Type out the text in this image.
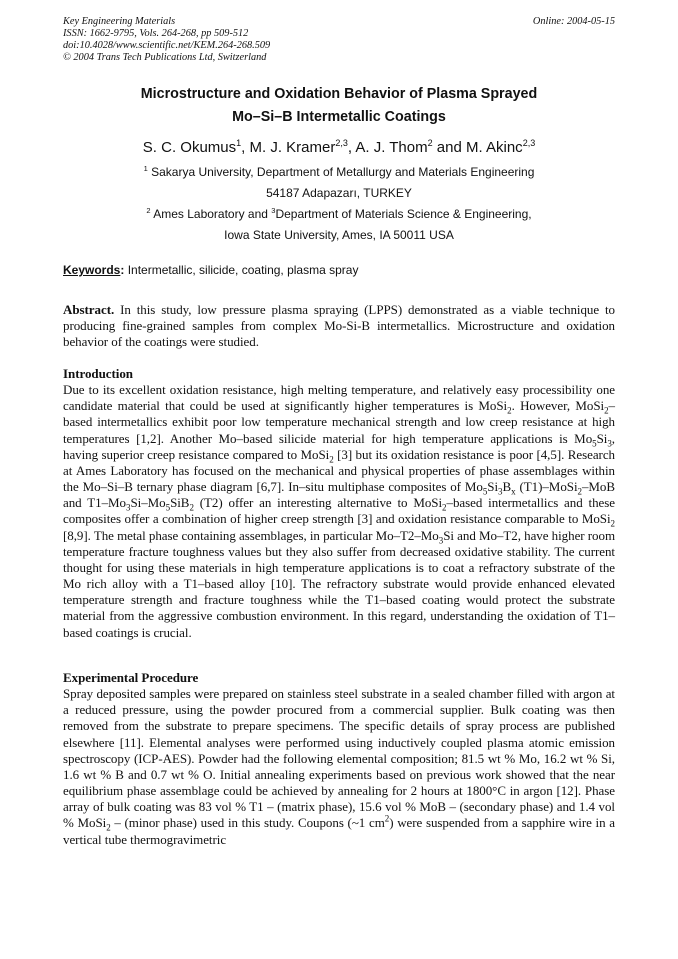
Key Engineering Materials
ISSN: 1662-9795, Vols. 264-268, pp 509-512
doi:10.4028/www.scientific.net/KEM.264-268.509
© 2004 Trans Tech Publications Ltd, Switzerland
Online: 2004-05-15
Microstructure and Oxidation Behavior of Plasma Sprayed
Mo–Si–B Intermetallic Coatings
S. C. Okumus$^1$, M. J. Kramer$^{2,3}$, A. J. Thom$^2$ and M. Akinc$^{2,3}$
$^1$ Sakarya University, Department of Metallurgy and Materials Engineering
54187 Adapazarı, TURKEY
$^2$ Ames Laboratory and $^3$Department of Materials Science & Engineering,
Iowa State University, Ames, IA 50011 USA
Keywords: Intermetallic, silicide, coating, plasma spray
Abstract. In this study, low pressure plasma spraying (LPPS) demonstrated as a viable technique to producing fine-grained samples from complex Mo-Si-B intermetallics. Microstructure and oxidation behavior of the coatings were studied.
Introduction
Due to its excellent oxidation resistance, high melting temperature, and relatively easy processibility one candidate material that could be used at significantly higher temperatures is MoSi$_2$. However, MoSi$_2$–based intermetallics exhibit poor low temperature mechanical strength and low creep resistance at high temperatures [1,2]. Another Mo–based silicide material for high temperature applications is $Mo_5Si_3$, having superior creep resistance compared to MoSi$_2$ [3] but its oxidation resistance is poor [4,5]. Research at Ames Laboratory has focused on the mechanical and physical properties of phase assemblages within the Mo–Si–B ternary phase diagram [6,7]. In–situ multiphase composites of $Mo_5Si_3B_x$ (T1)–MoSi$_2$–MoB and $T1-Mo_3Si-Mo_5SiB_2$ (T2) offer an interesting alternative to MoSi$_2$–based intermetallics and these composites offer a combination of higher creep strength [3] and oxidation resistance comparable to MoSi$_2$ [8,9]. The metal phase containing assemblages, in particular $Mo-T2-Mo_3Si$ and Mo–T2, have higher room temperature fracture toughness values but they also suffer from decreased oxidative stability. The current thought for using these materials in high temperature applications is to coat a refractory substrate of the Mo rich alloy with a T1–based alloy [10]. The refractory substrate would provide enhanced elevated temperature strength and fracture toughness while the T1–based coating would protect the substrate material from the aggressive combustion environment. In this regard, understanding the oxidation of T1–based coatings is crucial.
Experimental Procedure
Spray deposited samples were prepared on stainless steel substrate in a sealed chamber filled with argon at a reduced pressure, using the powder procured from a commercial supplier. Bulk coating was then removed from the substrate to prepare specimens. The specific details of spray process are published elsewhere [11]. Elemental analyses were performed using inductively coupled plasma atomic emission spectroscopy (ICP-AES). Powder had the following elemental composition; 81.5 wt % Mo, 16.2 wt % Si, 1.6 wt % B and 0.7 wt % O. Initial annealing experiments based on previous work showed that the near equilibrium phase assemblage could be achieved by annealing for 2 hours at 1800°C in argon [12]. Phase array of bulk coating was 83 vol % T1 – (matrix phase), 15.6 vol % MoB – (secondary phase) and 1.4 vol % MoSi$_2$ – (minor phase) used in this study. Coupons (~1 $cm^2$) were suspended from a sapphire wire in a vertical tube thermogravimetric
